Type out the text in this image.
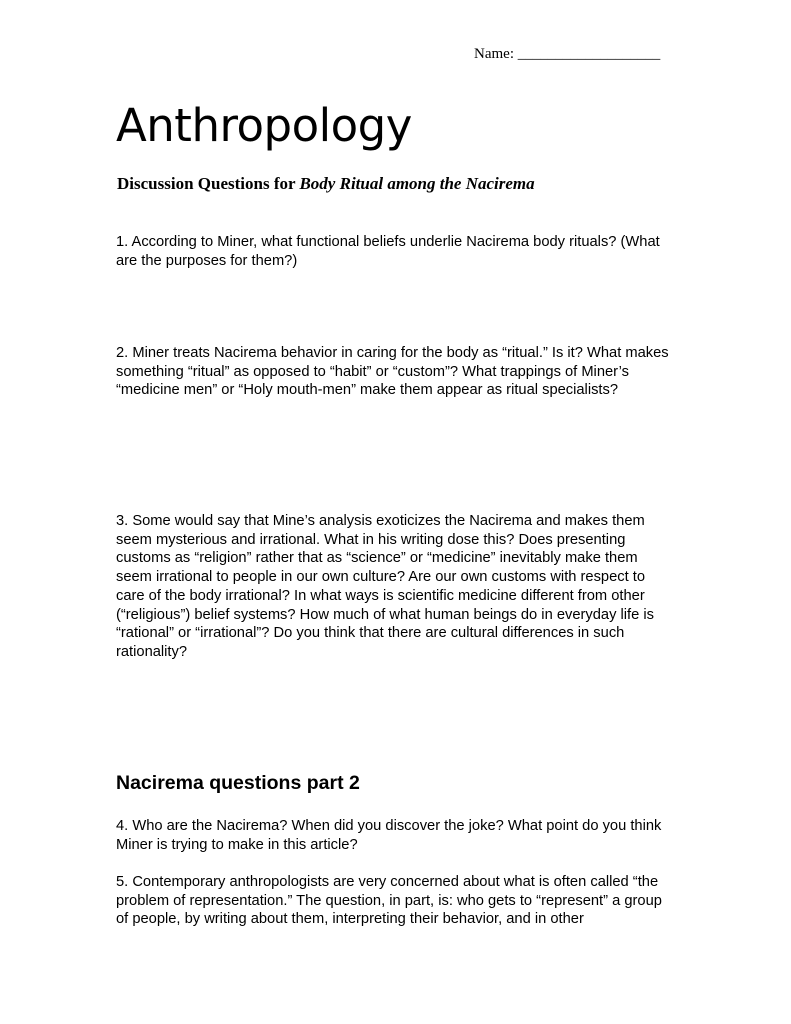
Name: ___________________
Anthropology
Discussion Questions for Body Ritual among the Nacirema

1. According to Miner, what functional beliefs underlie Nacirema body rituals? (What are the purposes for them?)

2. Miner treats Nacirema behavior in caring for the body as “ritual.” Is it? What makes something “ritual” as opposed to “habit” or “custom”? What trappings of Miner’s “medicine men” or “Holy mouth-men” make them appear as ritual specialists?

3. Some would say that Mine’s analysis exoticizes the Nacirema and makes them seem mysterious and irrational. What in his writing dose this? Does presenting customs as “religion” rather that as “science” or “medicine” inevitably make them seem irrational to people in our own culture? Are our own customs with respect to care of the body irrational? In what ways is scientific medicine different from other (“religious”) belief systems? How much of what human beings do in everyday life is “rational” or “irrational”? Do you think that there are cultural differences in such rationality?

Nacirema questions part 2

4. Who are the Nacirema? When did you discover the joke? What point do you think Miner is trying to make in this article?

5. Contemporary anthropologists are very concerned about what is often called “the problem of representation.” The question, in part, is: who gets to “represent” a group of people, by writing about them, interpreting their behavior, and in other
